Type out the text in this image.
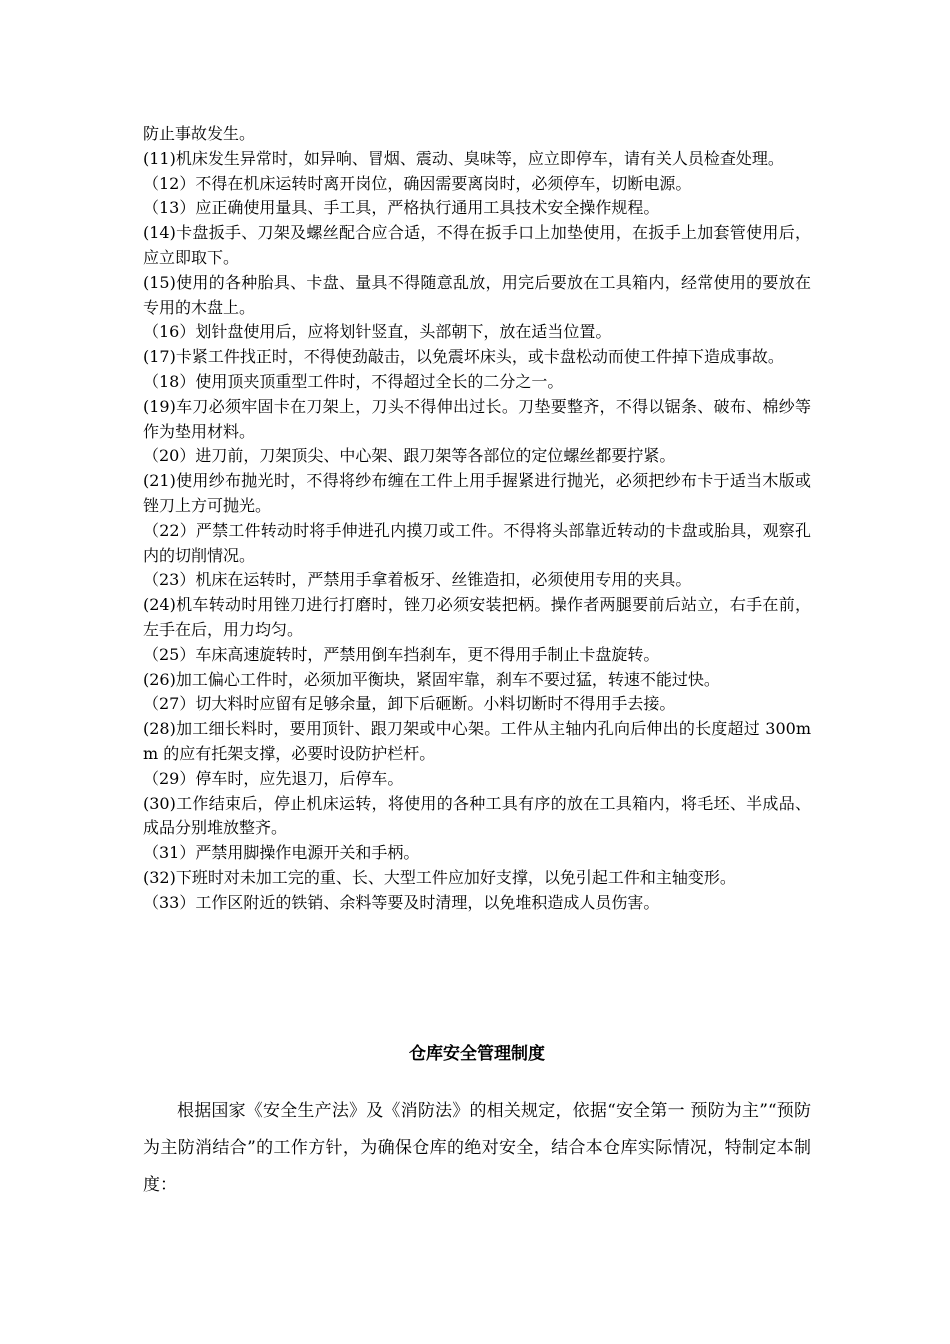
防止事故发生。

(11)机床发生异常时，如异响、冒烟、震动、臭味等，应立即停车，请有关人员检查处理。

（12）不得在机床运转时离开岗位，确因需要离岗时，必须停车，切断电源。

（13）应正确使用量具、手工具，严格执行通用工具技术安全操作规程。

(14)卡盘扳手、刀架及螺丝配合应合适，不得在扳手口上加垫使用，在扳手上加套管使用后，应立即取下。

(15)使用的各种胎具、卡盘、量具不得随意乱放，用完后要放在工具箱内，经常使用的要放在专用的木盘上。

（16）划针盘使用后，应将划针竖直，头部朝下，放在适当位置。

(17)卡紧工件找正时，不得使劲敲击，以免震坏床头，或卡盘松动而使工件掉下造成事故。

（18）使用顶夹顶重型工件时，不得超过全长的二分之一。

(19)车刀必须牢固卡在刀架上，刀头不得伸出过长。刀垫要整齐，不得以锯条、破布、棉纱等作为垫用材料。

（20）进刀前，刀架顶尖、中心架、跟刀架等各部位的定位螺丝都要拧紧。

(21)使用纱布抛光时，不得将纱布缠在工件上用手握紧进行抛光，必须把纱布卡于适当木版或锉刀上方可抛光。

（22）严禁工件转动时将手伸进孔内摸刀或工件。不得将头部靠近转动的卡盘或胎具，观察孔内的切削情况。

（23）机床在运转时，严禁用手拿着板牙、丝锥造扣，必须使用专用的夹具。

(24)机车转动时用锉刀进行打磨时，锉刀必须安装把柄。操作者两腿要前后站立，右手在前，左手在后，用力均匀。

（25）车床高速旋转时，严禁用倒车挡刹车，更不得用手制止卡盘旋转。

(26)加工偏心工件时，必须加平衡块，紧固牢靠，刹车不要过猛，转速不能过快。

（27）切大料时应留有足够余量，卸下后砸断。小料切断时不得用手去接。

(28)加工细长料时，要用顶针、跟刀架或中心架。工件从主轴内孔向后伸出的长度超过 300mm 的应有托架支撑，必要时设防护栏杆。

（29）停车时，应先退刀，后停车。

(30)工作结束后，停止机床运转，将使用的各种工具有序的放在工具箱内，将毛坯、半成品、成品分别堆放整齐。

（31）严禁用脚操作电源开关和手柄。

(32)下班时对未加工完的重、长、大型工件应加好支撑，以免引起工件和主轴变形。

（33）工作区附近的铁销、余料等要及时清理，以免堆积造成人员伤害。

仓库安全管理制度

根据国家《安全生产法》及《消防法》的相关规定，依据“安全第一 预防为主”“预防为主防消结合”的工作方针，为确保仓库的绝对安全，结合本仓库实际情况，特制定本制度：
